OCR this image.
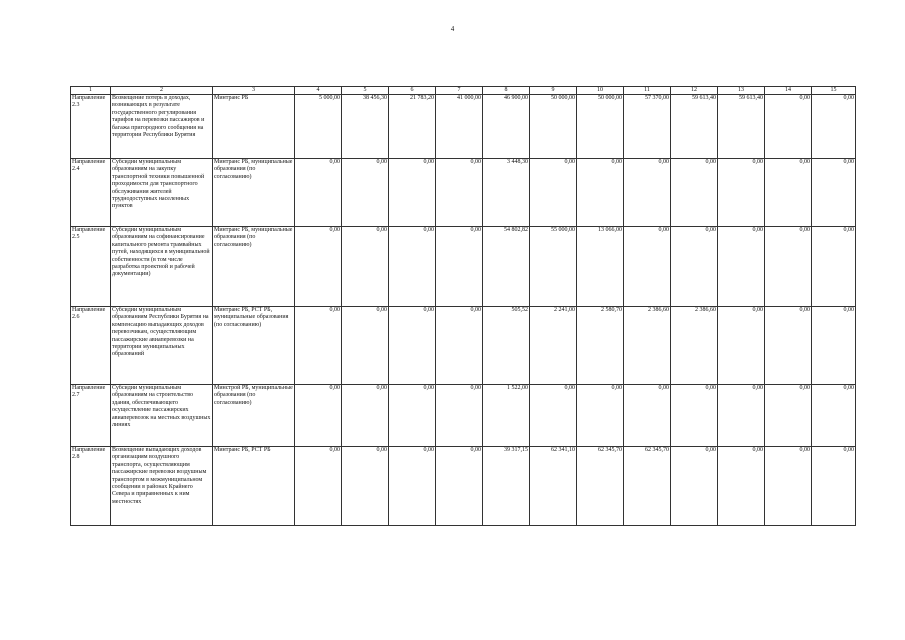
4
1	2	3	4	5	6	7	8	9	10	11	12	13	14	15
Направление 2.3	Возмещение потерь в доходах, возникающих в результате государственного регулирования тарифов на перевозки пассажиров и багажа пригородного сообщения на территории Республики Бурятия	Минтранс РБ	5 000,00	38 456,30	21 783,20	41 000,00	46 900,00	50 000,00	50 000,00	57 370,00	59 613,40	59 613,40	0,00	0,00
Направление 2.4	Субсидии муниципальным образованиям на закупку транспортной техники повышенной проходимости для транспортного обслуживания жителей труднодоступных населенных пунктов	Минтранс РБ, муниципальные образования (по согласованию)	0,00	0,00	0,00	0,00	3 448,30	0,00	0,00	0,00	0,00	0,00	0,00	0,00
Направление 2.5	Субсидии муниципальным образованиям на софинансирование капитального ремонта трамвайных путей, находящихся в муниципальной собственности (в том числе разработка проектной и рабочей документации)	Минтранс РБ, муниципальные образования (по согласованию)	0,00	0,00	0,00	0,00	54 802,82	55 000,00	13 066,00	0,00	0,00	0,00	0,00	0,00
Направление 2.6	Субсидии муниципальным образованиям Республики Бурятия на компенсацию выпадающих доходов перевозчикам, осуществляющим пассажирские авиаперевозки на территории муниципальных образований	Минтранс РБ, РСТ РБ, муниципальные образования (по согласованию)	0,00	0,00	0,00	0,00	505,52	2 241,00	2 580,70	2 386,60	2 386,60	0,00	0,00	0,00
Направление 2.7	Субсидии муниципальным образованиям на строительство здания, обеспечивающего осуществление пассажирских авиаперевозок на местных воздушных линиях	Минстрой РБ, муниципальные образования (по согласованию)	0,00	0,00	0,00	0,00	1 522,00	0,00	0,00	0,00	0,00	0,00	0,00	0,00
Направление 2.8	Возмещение выпадающих доходов организациям воздушного транспорта, осуществляющим пассажирские перевозки воздушным транспортом в межмуниципальном сообщении в районах Крайнего Севера и приравненных к ним местностях	Минтранс РБ, РСТ РБ	0,00	0,00	0,00	0,00	39 317,15	62 341,10	62 345,70	62 345,70	0,00	0,00	0,00	0,00
